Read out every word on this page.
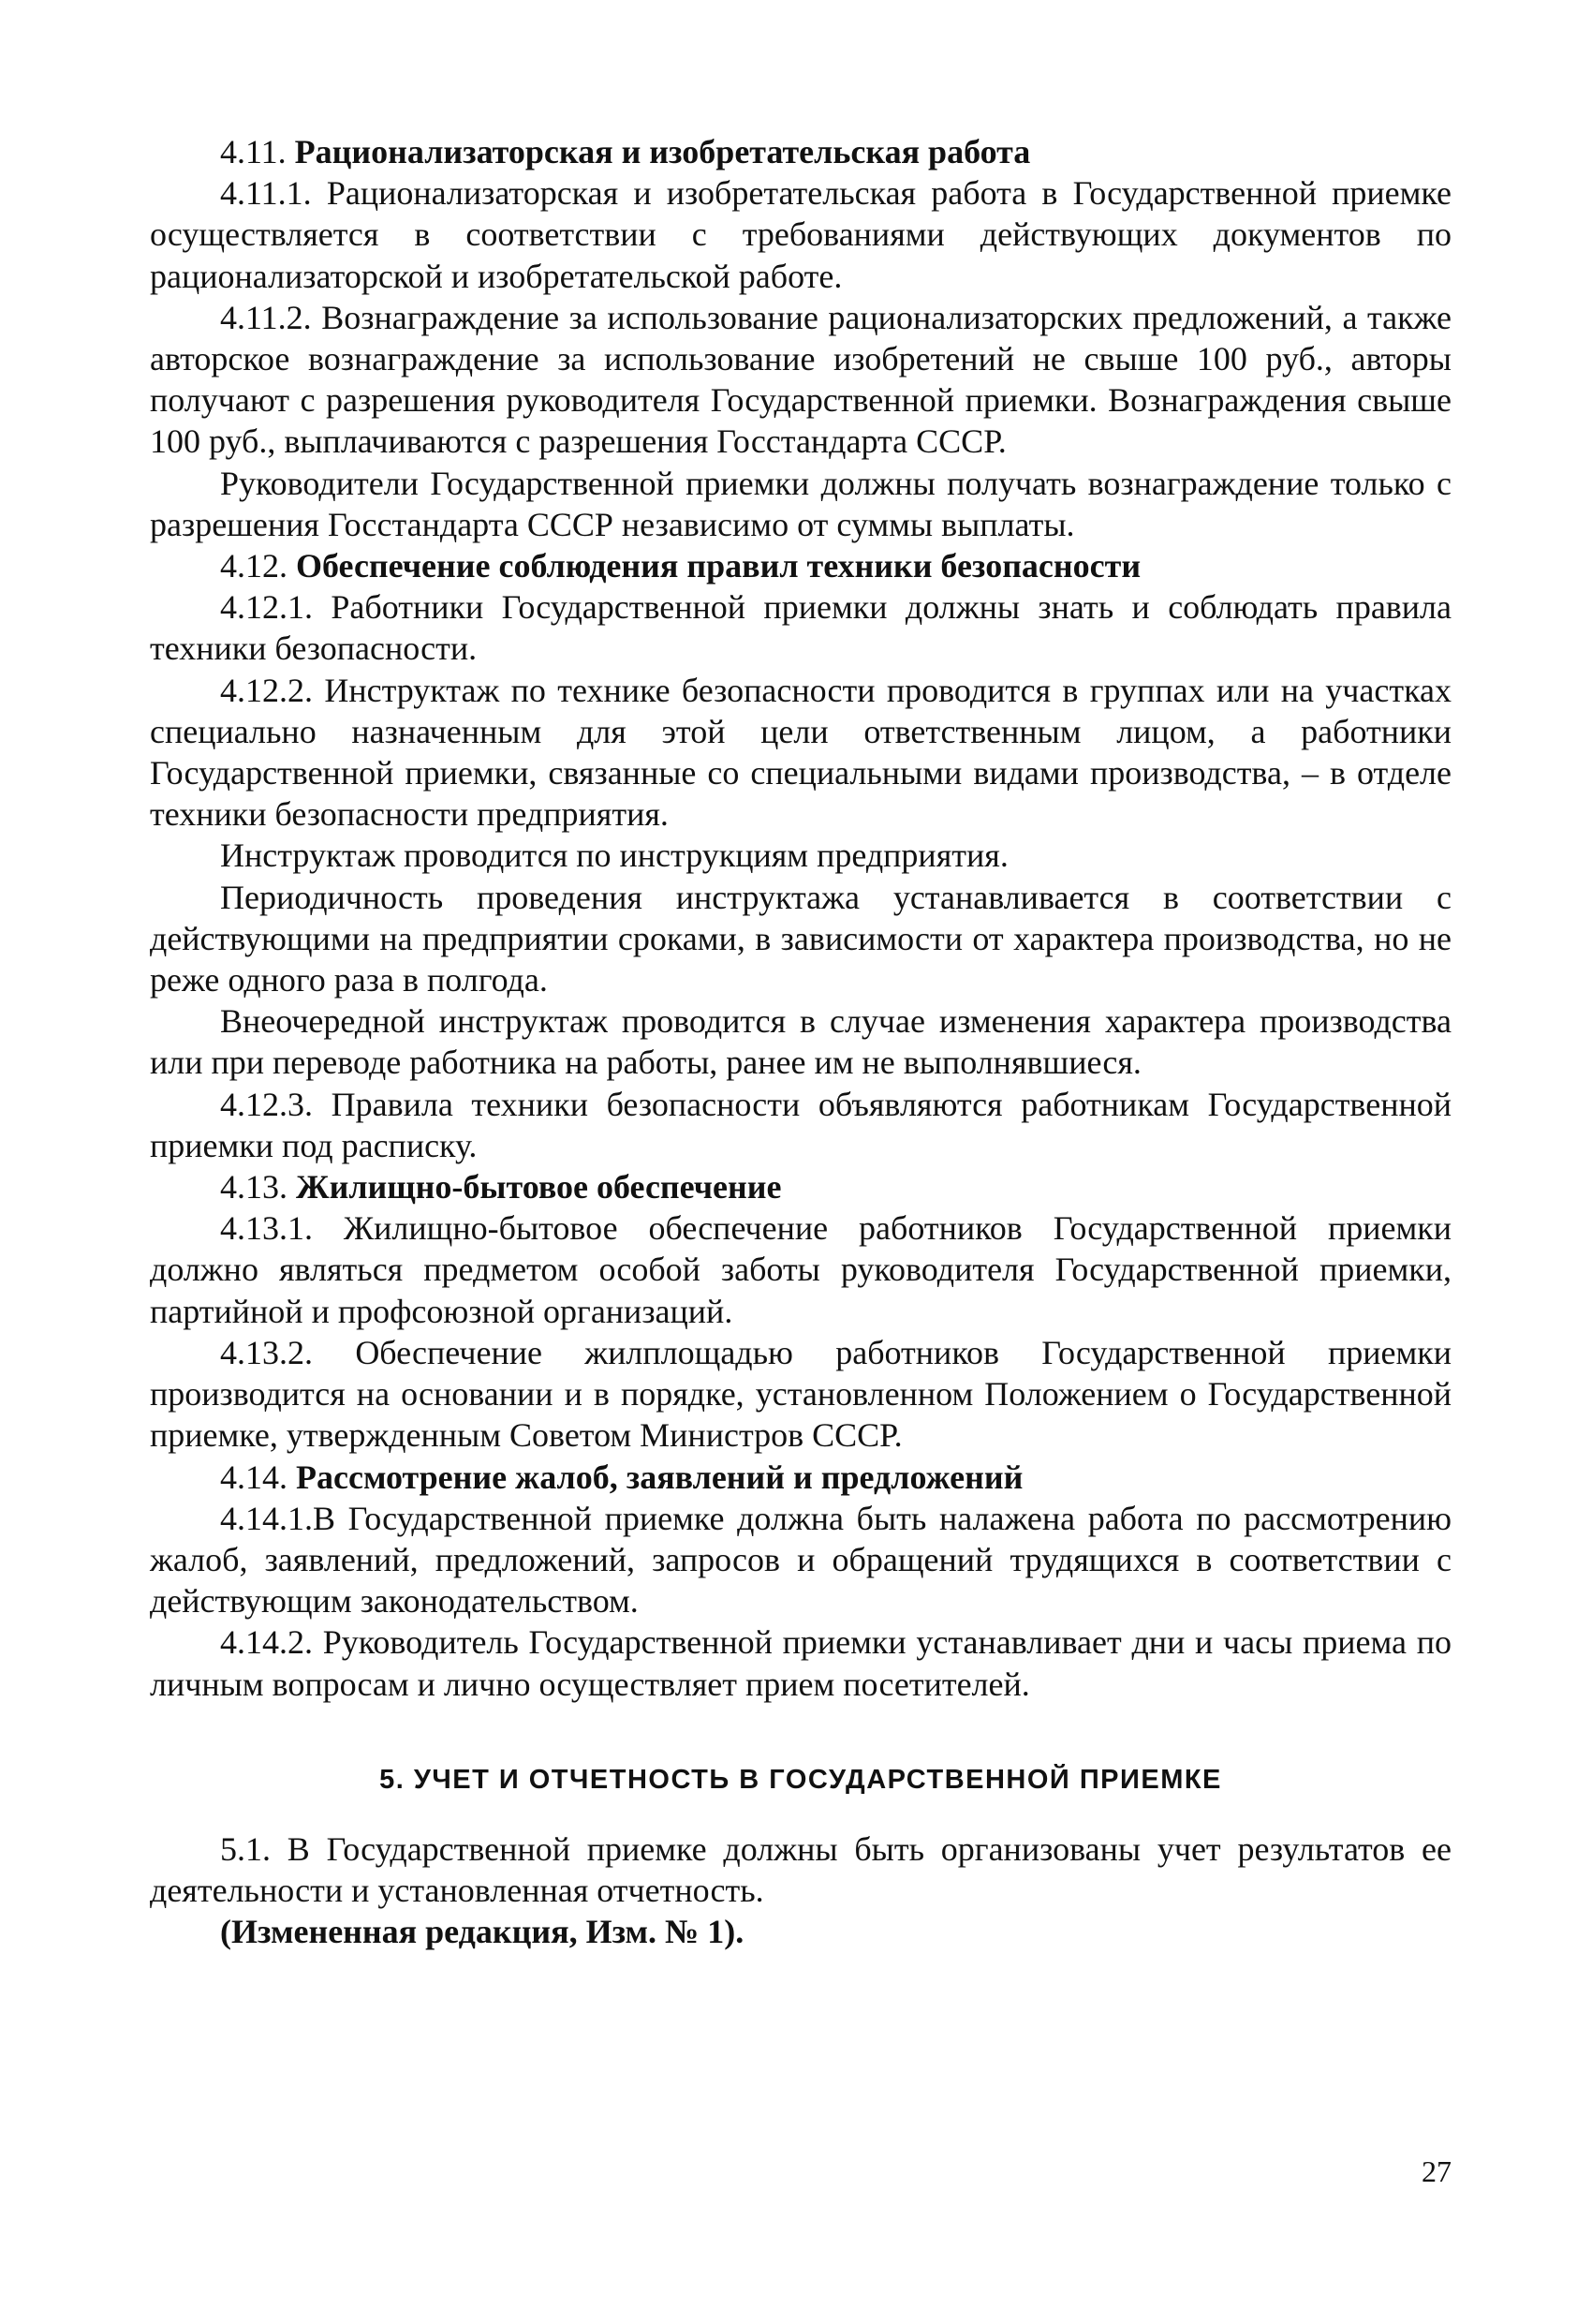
4.11. Рационализаторская и изобретательская работа

4.11.1. Рационализаторская и изобретательская работа в Государственной приемке осуществляется в соответствии с требованиями действующих документов по рационализаторской и изобретательской работе.

4.11.2. Вознаграждение за использование рационализаторских предложений, а также авторское вознаграждение за использование изобретений не свыше 100 руб., авторы получают с разрешения руководителя Государственной приемки. Вознаграждения свыше 100 руб., выплачиваются с разрешения Госстандарта СССР.

Руководители Государственной приемки должны получать вознаграждение только с разрешения Госстандарта СССР независимо от суммы выплаты.

4.12. Обеспечение соблюдения правил техники безопасности

4.12.1. Работники Государственной приемки должны знать и соблюдать правила техники безопасности.

4.12.2. Инструктаж по технике безопасности проводится в группах или на участках специально назначенным для этой цели ответственным лицом, а работники Государственной приемки, связанные со специальными видами производства, – в отделе техники безопасности предприятия.

Инструктаж проводится по инструкциям предприятия.

Периодичность проведения инструктажа устанавливается в соответствии с действующими на предприятии сроками, в зависимости от характера производства, но не реже одного раза в полгода.

Внеочередной инструктаж проводится в случае изменения характера производства или при переводе работника на работы, ранее им не выполнявшиеся.

4.12.3. Правила техники безопасности объявляются работникам Государственной приемки под расписку.

4.13. Жилищно-бытовое обеспечение

4.13.1. Жилищно-бытовое обеспечение работников Государственной приемки должно являться предметом особой заботы руководителя Государственной приемки, партийной и профсоюзной организаций.

4.13.2. Обеспечение жилплощадью работников Государственной приемки производится на основании и в порядке, установленном Положением о Государственной приемке, утвержденным Советом Министров СССР.

4.14. Рассмотрение жалоб, заявлений и предложений

4.14.1.В Государственной приемке должна быть налажена работа по рассмотрению жалоб, заявлений, предложений, запросов и обращений трудящихся в соответствии с действующим законодательством.

4.14.2. Руководитель Государственной приемки устанавливает дни и часы приема по личным вопросам и лично осуществляет прием посетителей.

5. УЧЕТ И ОТЧЕТНОСТЬ В ГОСУДАРСТВЕННОЙ ПРИЕМКЕ

5.1. В Государственной приемке должны быть организованы учет результатов ее деятельности и установленная отчетность.

(Измененная редакция, Изм. № 1).

27
